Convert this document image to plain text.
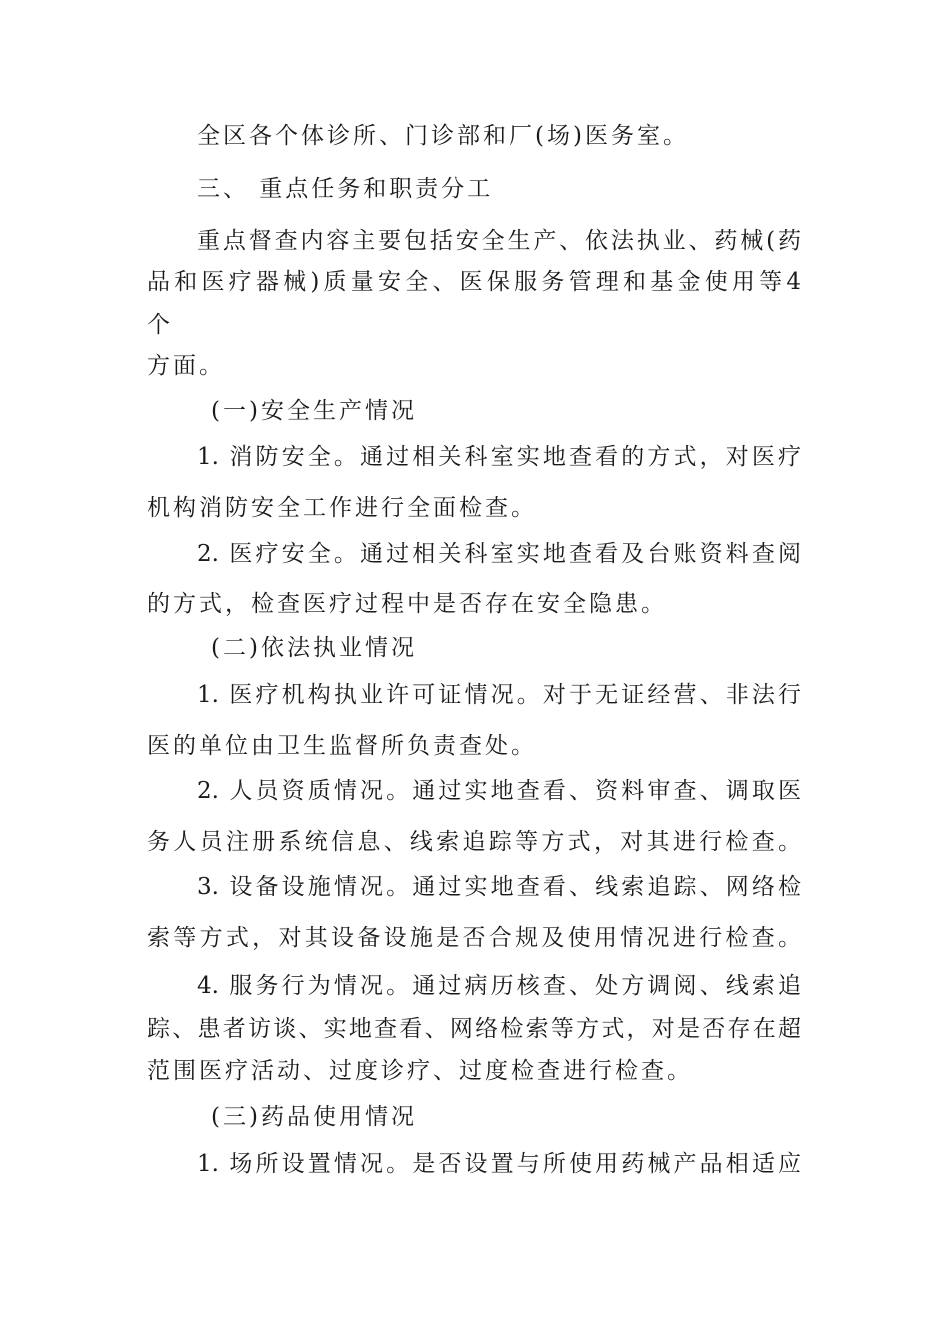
全区各个体诊所、门诊部和厂(场)医务室。
三、 重点任务和职责分工
重点督查内容主要包括安全生产、依法执业、药械(药
品和医疗器械)质量安全、医保服务管理和基金使用等4
个
方面。
(一)安全生产情况
1. 消防安全。通过相关科室实地查看的方式，对医疗
机构消防安全工作进行全面检查。
2. 医疗安全。通过相关科室实地查看及台账资料查阅
的方式，检查医疗过程中是否存在安全隐患。
(二)依法执业情况
1. 医疗机构执业许可证情况。对于无证经营、非法行
医的单位由卫生监督所负责查处。
2. 人员资质情况。通过实地查看、资料审查、调取医
务人员注册系统信息、线索追踪等方式，对其进行检查。
3. 设备设施情况。通过实地查看、线索追踪、网络检
索等方式，对其设备设施是否合规及使用情况进行检查。
4. 服务行为情况。通过病历核查、处方调阅、线索追
踪、患者访谈、实地查看、网络检索等方式，对是否存在超
范围医疗活动、过度诊疗、过度检查进行检查。
(三)药品使用情况
1. 场所设置情况。是否设置与所使用药械产品相适应
